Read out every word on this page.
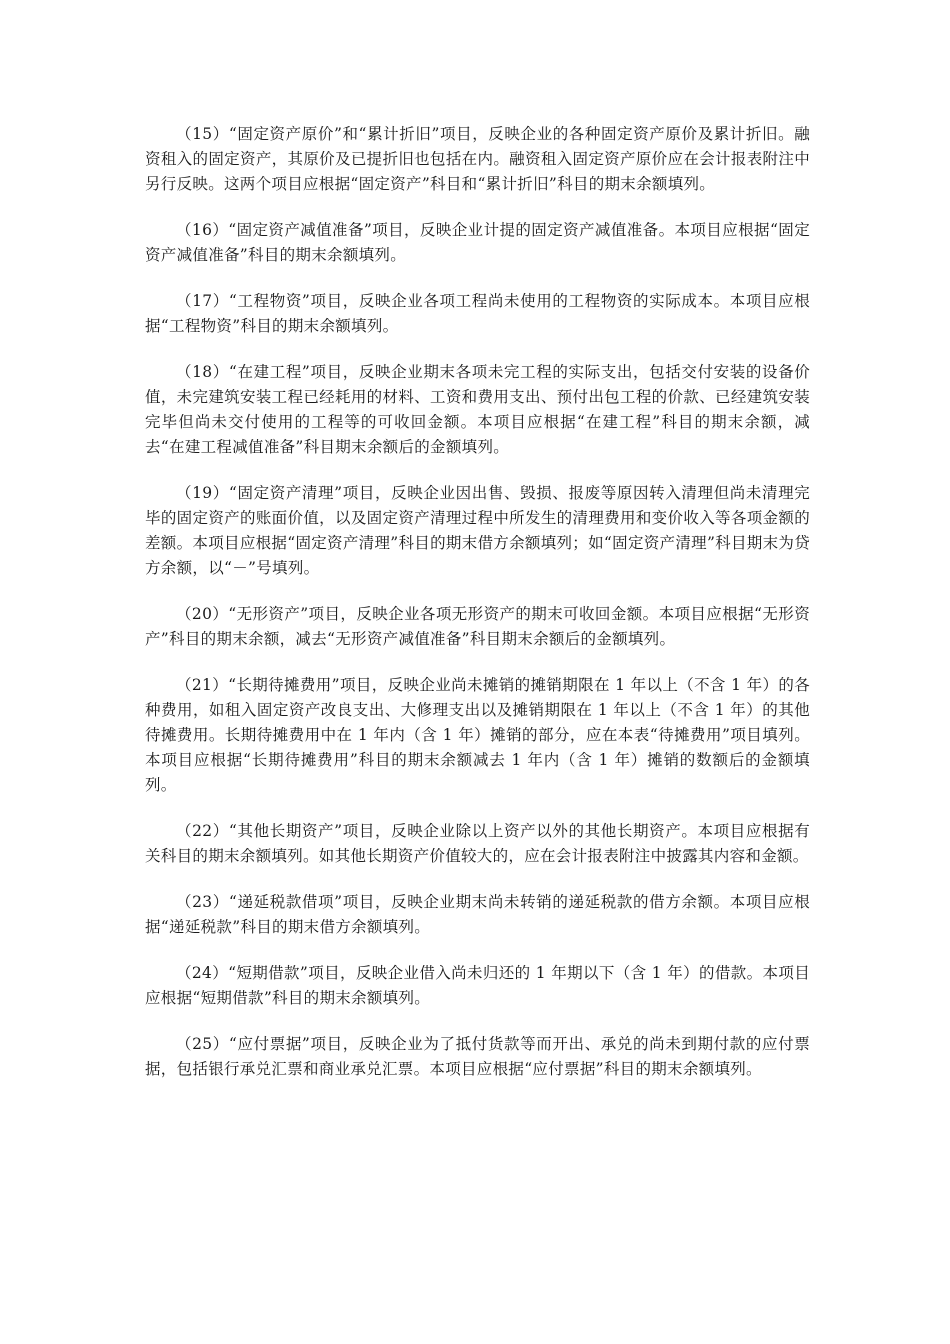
（15）“固定资产原价”和“累计折旧”项目，反映企业的各种固定资产原价及累计折旧。融资租入的固定资产，其原价及已提折旧也包括在内。融资租入固定资产原价应在会计报表附注中另行反映。这两个项目应根据“固定资产”科目和“累计折旧”科目的期末余额填列。

（16）“固定资产减值准备”项目，反映企业计提的固定资产减值准备。本项目应根据“固定资产减值准备”科目的期末余额填列。

（17）“工程物资”项目，反映企业各项工程尚未使用的工程物资的实际成本。本项目应根据“工程物资”科目的期末余额填列。

（18）“在建工程”项目，反映企业期末各项未完工程的实际支出，包括交付安装的设备价值，未完建筑安装工程已经耗用的材料、工资和费用支出、预付出包工程的价款、已经建筑安装完毕但尚未交付使用的工程等的可收回金额。本项目应根据“在建工程”科目的期末余额，减去“在建工程减值准备”科目期末余额后的金额填列。

（19）“固定资产清理”项目，反映企业因出售、毁损、报废等原因转入清理但尚未清理完毕的固定资产的账面价值，以及固定资产清理过程中所发生的清理费用和变价收入等各项金额的差额。本项目应根据“固定资产清理”科目的期末借方余额填列；如“固定资产清理”科目期末为贷方余额，以“－”号填列。

（20）“无形资产”项目，反映企业各项无形资产的期末可收回金额。本项目应根据“无形资产”科目的期末余额，减去“无形资产减值准备”科目期末余额后的金额填列。

（21）“长期待摊费用”项目，反映企业尚未摊销的摊销期限在 1 年以上（不含 1 年）的各种费用，如租入固定资产改良支出、大修理支出以及摊销期限在 1 年以上（不含 1 年）的其他待摊费用。长期待摊费用中在 1 年内（含 1 年）摊销的部分，应在本表“待摊费用”项目填列。本项目应根据“长期待摊费用”科目的期末余额减去 1 年内（含 1 年）摊销的数额后的金额填列。

（22）“其他长期资产”项目，反映企业除以上资产以外的其他长期资产。本项目应根据有关科目的期末余额填列。如其他长期资产价值较大的，应在会计报表附注中披露其内容和金额。

（23）“递延税款借项”项目，反映企业期末尚未转销的递延税款的借方余额。本项目应根据“递延税款”科目的期末借方余额填列。

（24）“短期借款”项目，反映企业借入尚未归还的 1 年期以下（含 1 年）的借款。本项目应根据“短期借款”科目的期末余额填列。

（25）“应付票据”项目，反映企业为了抵付货款等而开出、承兑的尚未到期付款的应付票据，包括银行承兑汇票和商业承兑汇票。本项目应根据“应付票据”科目的期末余额填列。
